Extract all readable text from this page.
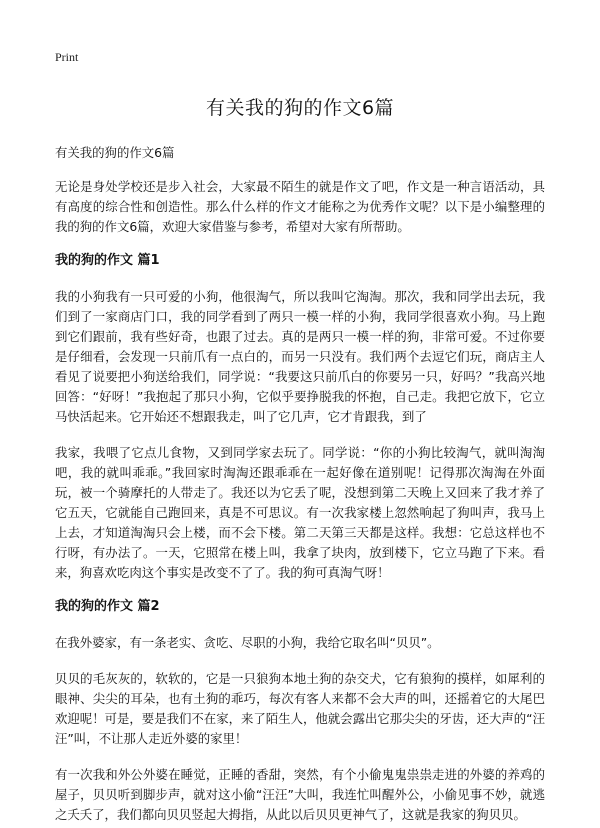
Print
有关我的狗的作文6篇
有关我的狗的作文6篇

无论是身处学校还是步入社会，大家最不陌生的就是作文了吧，作文是一种言语活动，具有高度的综合性和创造性。那么什么样的作文才能称之为优秀作文呢？以下是小编整理的我的狗的作文6篇，欢迎大家借鉴与参考，希望对大家有所帮助。

我的狗的作文 篇1

我的小狗我有一只可爱的小狗，他很淘气，所以我叫它淘淘。那次，我和同学出去玩，我们到了一家商店门口，我的同学看到了两只一模一样的小狗，我同学很喜欢小狗。马上跑到它们跟前，我有些好奇，也跟了过去。真的是两只一模一样的狗，非常可爱。不过你要是仔细看，会发现一只前爪有一点白的，而另一只没有。我们两个去逗它们玩，商店主人看见了说要把小狗送给我们，同学说：“我要这只前爪白的你要另一只，好吗？”我高兴地回答：“好呀！”我抱起了那只小狗，它似乎要挣脱我的怀抱，自己走。我把它放下，它立马快活起来。它开始还不想跟我走，叫了它几声，它才肯跟我，到了

我家，我喂了它点儿食物，又到同学家去玩了。同学说：“你的小狗比较淘气，就叫淘淘吧，我的就叫乖乖。”我回家时淘淘还跟乖乖在一起好像在道别呢！记得那次淘淘在外面玩，被一个骑摩托的人带走了。我还以为它丢了呢，没想到第二天晚上又回来了我才养了它五天，它就能自己跑回来，真是不可思议。有一次我家楼上忽然响起了狗叫声，我马上上去，才知道淘淘只会上楼，而不会下楼。第二天第三天都是这样。我想：它总这样也不行呀，有办法了。一天，它照常在楼上叫，我拿了块肉，放到楼下，它立马跑了下来。看来，狗喜欢吃肉这个事实是改变不了了。我的狗可真淘气呀！

我的狗的作文 篇2

在我外婆家，有一条老实、贪吃、尽职的小狗，我给它取名叫“贝贝”。

贝贝的毛灰灰的，软软的，它是一只狼狗本地土狗的杂交犬，它有狼狗的摸样，如犀利的眼神、尖尖的耳朵，也有土狗的乖巧，每次有客人来都不会大声的叫，还摇着它的大尾巴欢迎呢！可是，要是我们不在家，来了陌生人，他就会露出它那尖尖的牙齿，还大声的“汪汪”叫，不让那人走近外婆的家里！

有一次我和外公外婆在睡觉，正睡的香甜，突然，有个小偷鬼鬼祟祟走进的外婆的养鸡的屋子，贝贝听到脚步声，就对这小偷“汪汪”大叫，我连忙叫醒外公，小偷见事不妙，就逃之夭夭了，我们都向贝贝竖起大拇指，从此以后贝贝更神气了，这就是我家的狗贝贝。
